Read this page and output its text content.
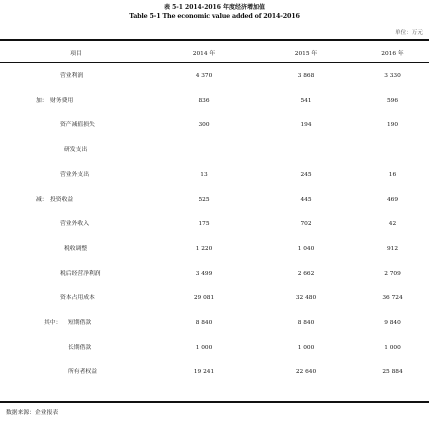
表 5-1 2014-2016 年度经济增加值
Table 5-1 The economic value added of 2014-2016
单位：万元
项目	2014 年	2015 年	2016 年
营业利润	4 370	3 868	3 330
加： 财务费用	836	541	596
资产减值损失	300	194	190
研发支出
营业外支出	13	245	16
减： 投资收益	525	445	469
营业外收入	175	702	42
税收调整	1 220	1 040	912
税后经营净利润	3 499	2 662	2 709
资本占用成本	29 081	32 480	36 724
其中： 短期借款	8 840	8 840	9 840
长期借款	1 000	1 000	1 000
所有者权益	19 241	22 640	25 884
数据来源：企业报表
